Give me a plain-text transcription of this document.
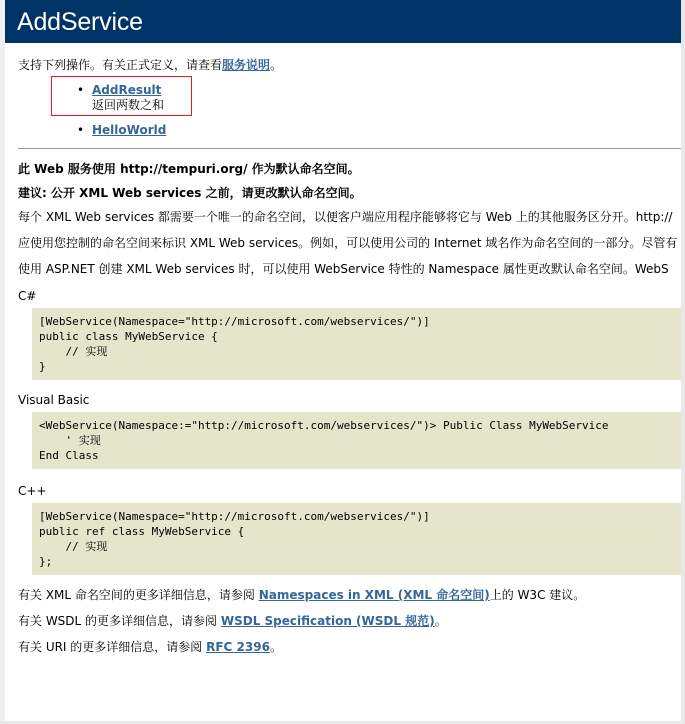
AddService
支持下列操作。有关正式定义，请查看服务说明。
• AddResult
返回两数之和
• HelloWorld
此 Web 服务使用 http://tempuri.org/ 作为默认命名空间。
建议: 公开 XML Web services 之前，请更改默认命名空间。
每个 XML Web services 都需要一个唯一的命名空间，以便客户端应用程序能够将它与 Web 上的其他服务区分开。http://
应使用您控制的命名空间来标识 XML Web services。例如，可以使用公司的 Internet 域名作为命名空间的一部分。尽管有
使用 ASP.NET 创建 XML Web services 时，可以使用 WebService 特性的 Namespace 属性更改默认命名空间。WebS
C#
[WebService(Namespace="http://microsoft.com/webservices/")]
public class MyWebService {
// 实现
}
Visual Basic
<WebService(Namespace:="http://microsoft.com/webservices/")> Public Class MyWebService
' 实现
End Class
C++
[WebService(Namespace="http://microsoft.com/webservices/")]
public ref class MyWebService {
// 实现
};
有关 XML 命名空间的更多详细信息，请参阅 Namespaces in XML (XML 命名空间)上的 W3C 建议。
有关 WSDL 的更多详细信息，请参阅 WSDL Specification (WSDL 规范)。
有关 URI 的更多详细信息，请参阅 RFC 2396。
